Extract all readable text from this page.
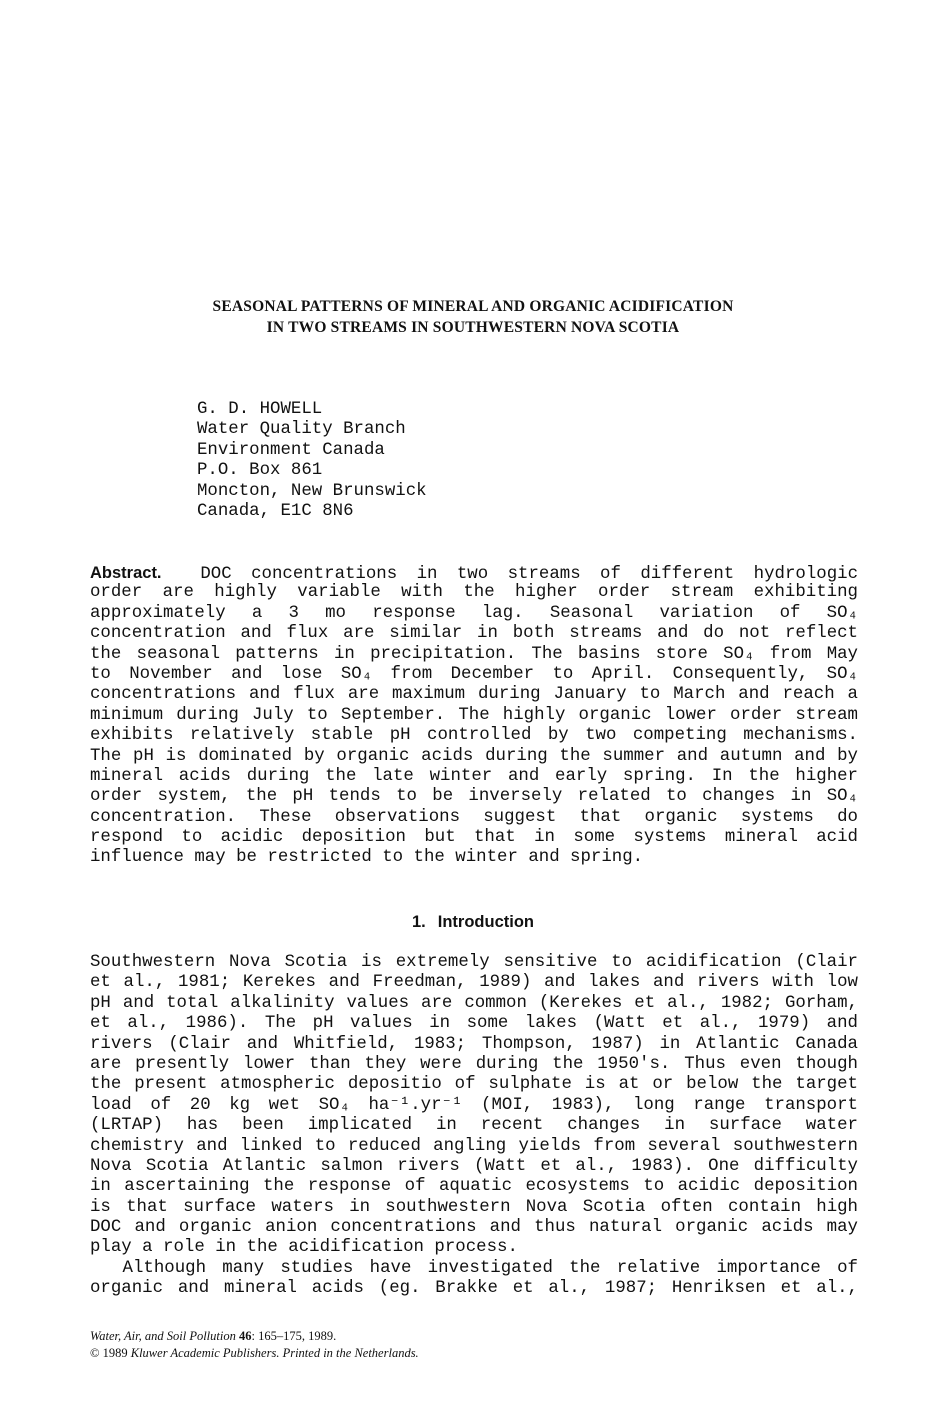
SEASONAL PATTERNS OF MINERAL AND ORGANIC ACIDIFICATION
IN TWO STREAMS IN SOUTHWESTERN NOVA SCOTIA
G. D. HOWELL
Water Quality Branch
Environment Canada
P.O. Box 861
Moncton, New Brunswick
Canada, E1C 8N6
Abstract. DOC concentrations in two streams of different hydrologic
order are highly variable with the higher order stream exhibiting
approximately a 3 mo response lag. Seasonal variation of SO₄
concentration and flux are similar in both streams and do not reflect
the seasonal patterns in precipitation. The basins store SO₄ from May
to November and lose SO₄ from December to April. Consequently, SO₄
concentrations and flux are maximum during January to March and reach a
minimum during July to September. The highly organic lower order stream
exhibits relatively stable pH controlled by two competing mechanisms.
The pH is dominated by organic acids during the summer and autumn and by
mineral acids during the late winter and early spring. In the higher
order system, the pH tends to be inversely related to changes in SO₄
concentration. These observations suggest that organic systems do
respond to acidic deposition but that in some systems mineral acid
influence may be restricted to the winter and spring.
1. Introduction
Southwestern Nova Scotia is extremely sensitive to acidification (Clair
et al., 1981; Kerekes and Freedman, 1989) and lakes and rivers with low
pH and total alkalinity values are common (Kerekes et al., 1982; Gorham,
et al., 1986). The pH values in some lakes (Watt et al., 1979) and
rivers (Clair and Whitfield, 1983; Thompson, 1987) in Atlantic Canada
are presently lower than they were during the 1950's. Thus even though
the present atmospheric depositio of sulphate is at or below the target
load of 20 kg wet SO₄ ha⁻¹.yr⁻¹ (MOI, 1983), long range transport
(LRTAP) has been implicated in recent changes in surface water
chemistry and linked to reduced angling yields from several southwestern
Nova Scotia Atlantic salmon rivers (Watt et al., 1983). One difficulty
in ascertaining the response of aquatic ecosystems to acidic deposition
is that surface waters in southwestern Nova Scotia often contain high
DOC and organic anion concentrations and thus natural organic acids may
play a role in the acidification process.
Although many studies have investigated the relative importance of
organic and mineral acids (eg. Brakke et al., 1987; Henriksen et al.,
Water, Air, and Soil Pollution 46: 165–175, 1989.
© 1989 Kluwer Academic Publishers. Printed in the Netherlands.
